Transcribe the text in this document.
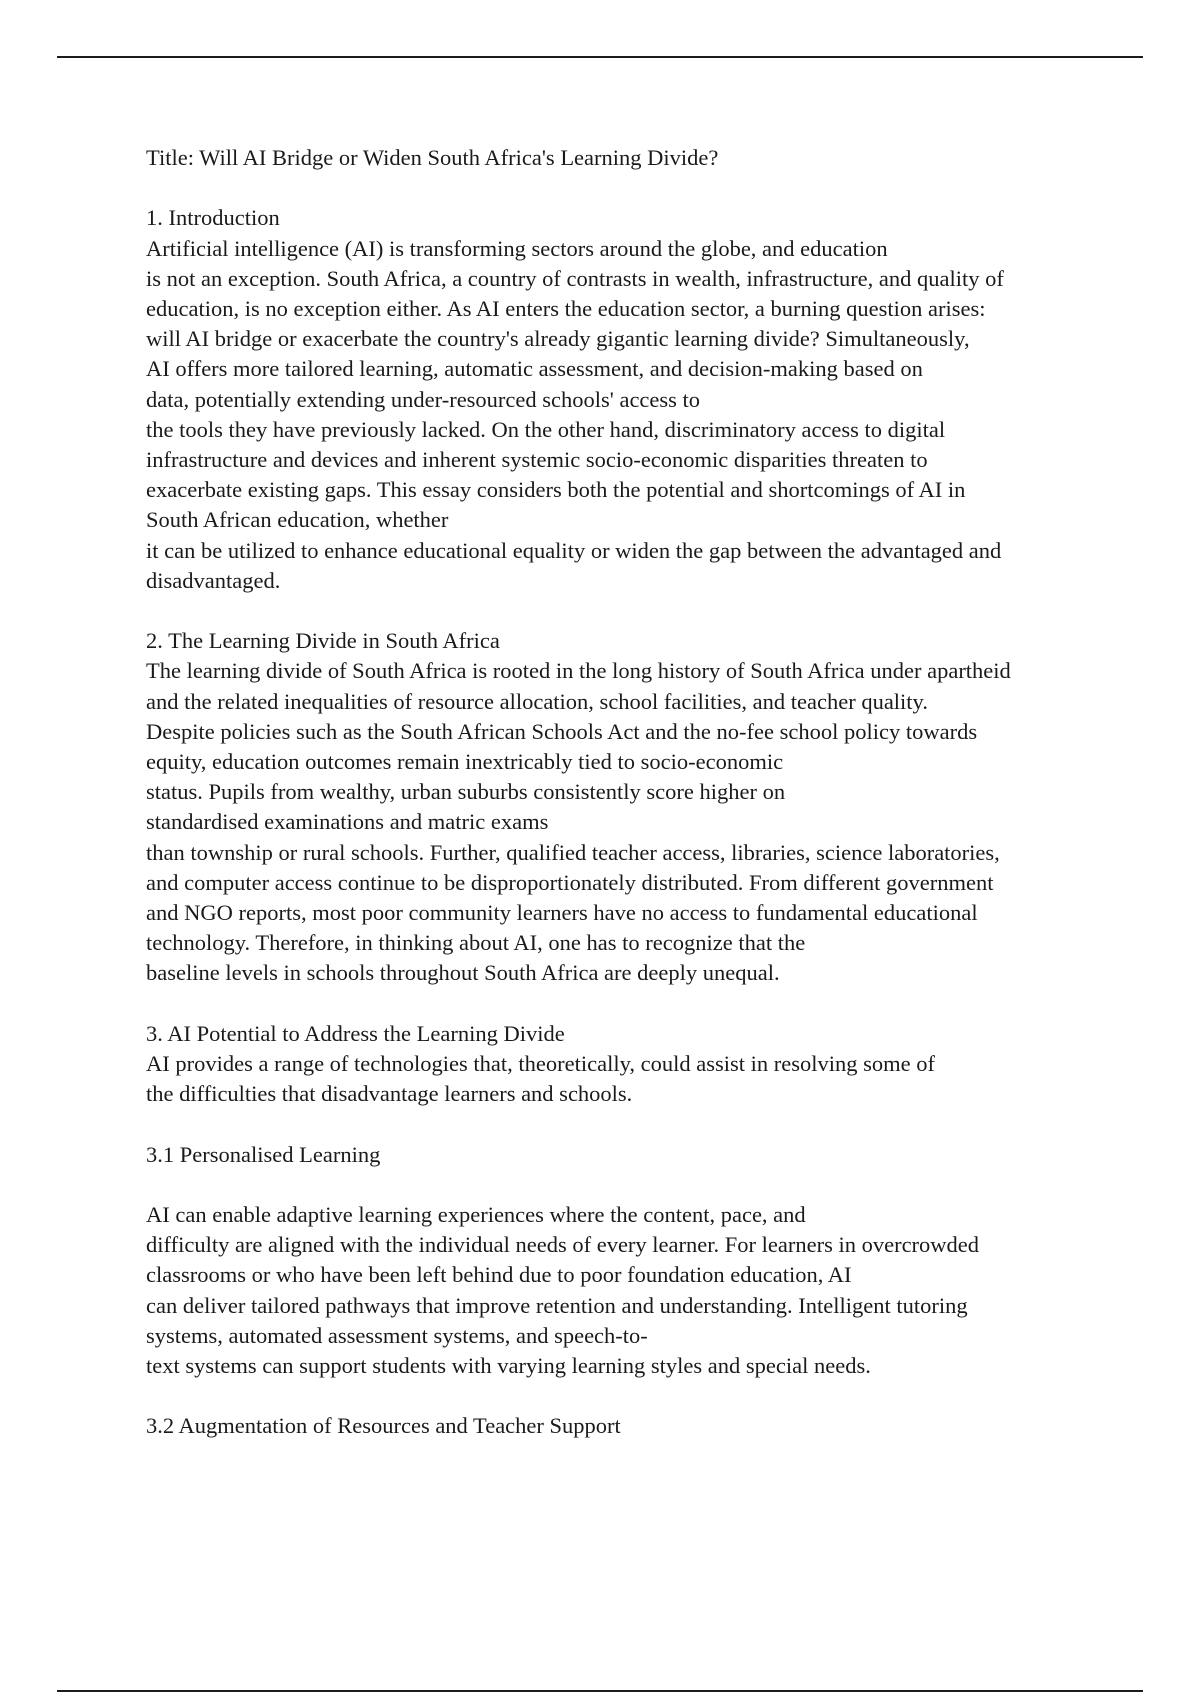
Title: Will AI Bridge or Widen South Africa's Learning Divide?
1. Introduction
Artificial intelligence (AI) is transforming sectors around the globe, and education
is not an exception. South Africa, a country of contrasts in wealth, infrastructure, and quality of
education, is no exception either. As AI enters the education sector, a burning question arises:
will AI bridge or exacerbate the country's already gigantic learning divide? Simultaneously,
AI offers more tailored learning, automatic assessment, and decision-making based on
data, potentially extending under-resourced schools' access to
the tools they have previously lacked. On the other hand, discriminatory access to digital
infrastructure and devices and inherent systemic socio-economic disparities threaten to
exacerbate existing gaps. This essay considers both the potential and shortcomings of AI in
South African education, whether
it can be utilized to enhance educational equality or widen the gap between the advantaged and
disadvantaged.
2. The Learning Divide in South Africa
The learning divide of South Africa is rooted in the long history of South Africa under apartheid
and the related inequalities of resource allocation, school facilities, and teacher quality.
Despite policies such as the South African Schools Act and the no-fee school policy towards
equity, education outcomes remain inextricably tied to socio-economic
status. Pupils from wealthy, urban suburbs consistently score higher on
standardised examinations and matric exams
than township or rural schools. Further, qualified teacher access, libraries, science laboratories,
and computer access continue to be disproportionately distributed. From different government
and NGO reports, most poor community learners have no access to fundamental educational
technology. Therefore, in thinking about AI, one has to recognize that the
baseline levels in schools throughout South Africa are deeply unequal.
3. AI Potential to Address the Learning Divide
AI provides a range of technologies that, theoretically, could assist in resolving some of
the difficulties that disadvantage learners and schools.
3.1 Personalised Learning
AI can enable adaptive learning experiences where the content, pace, and
difficulty are aligned with the individual needs of every learner. For learners in overcrowded
classrooms or who have been left behind due to poor foundation education, AI
can deliver tailored pathways that improve retention and understanding. Intelligent tutoring
systems, automated assessment systems, and speech-to-
text systems can support students with varying learning styles and special needs.
3.2 Augmentation of Resources and Teacher Support
